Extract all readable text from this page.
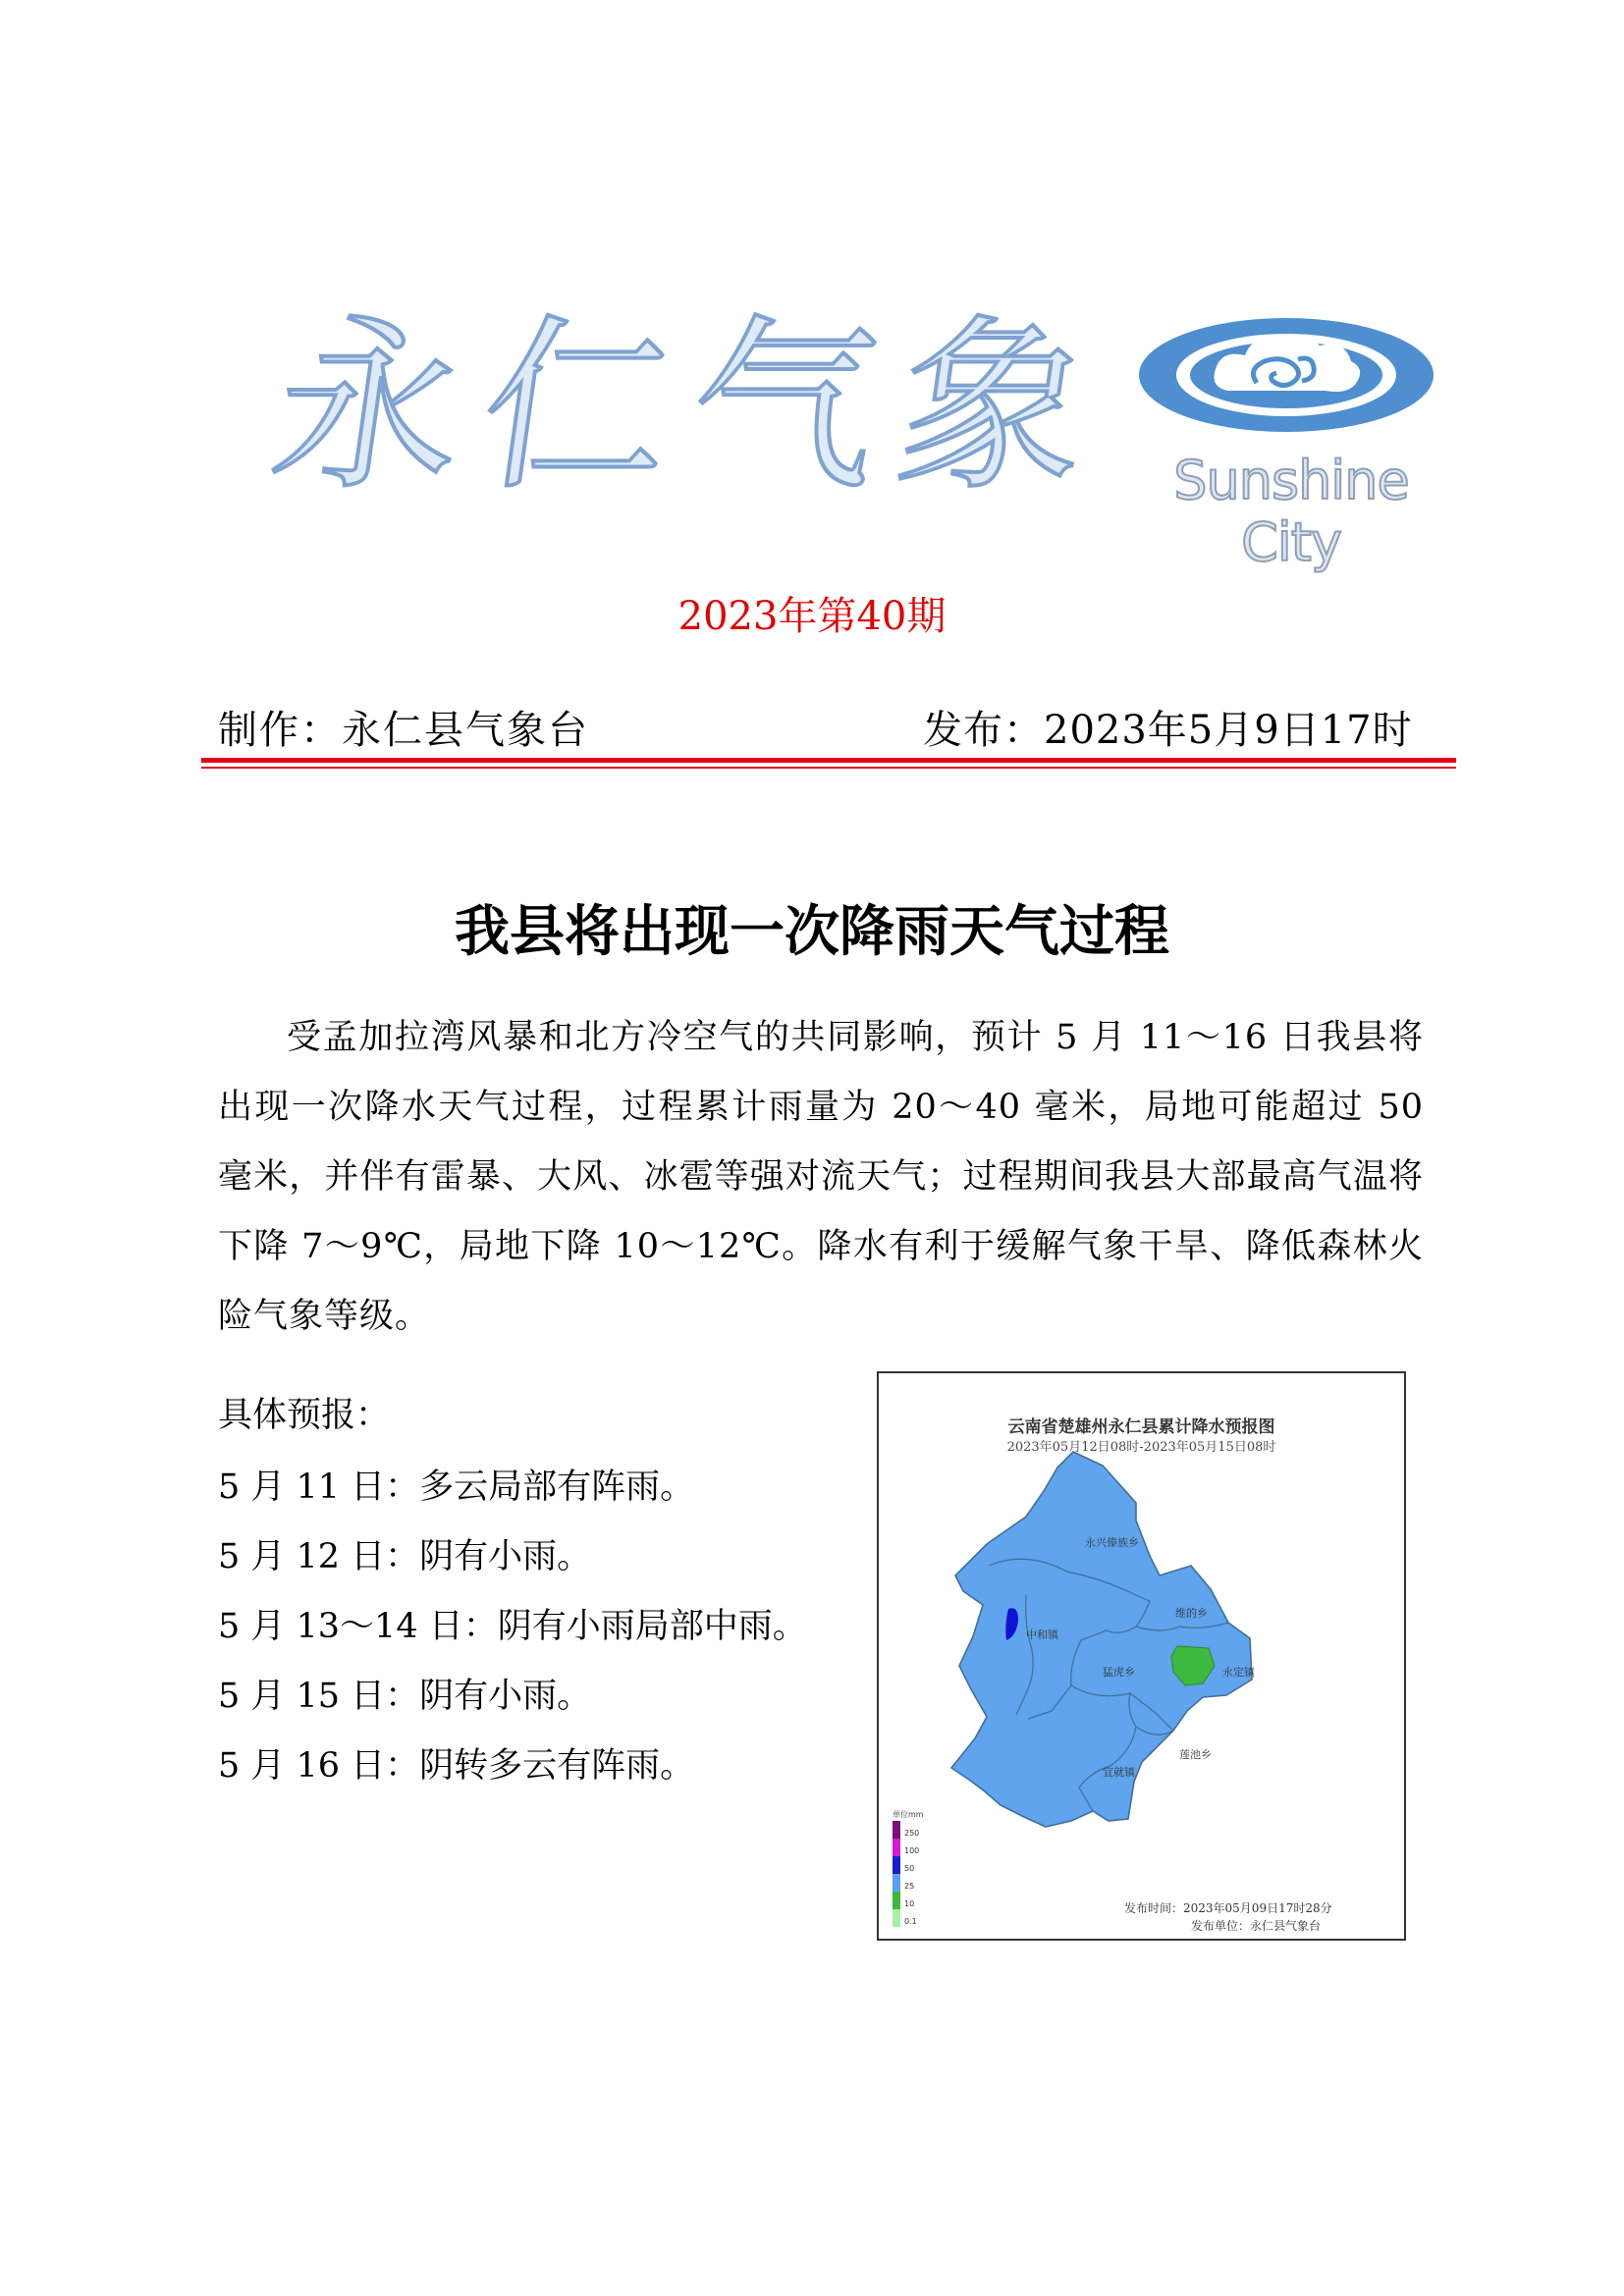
永仁气象	Sunshine City
2023年第40期
制作：永仁县气象台	发布：2023年5月9日17时
我县将出现一次降雨天气过程
受孟加拉湾风暴和北方冷空气的共同影响，预计 5 月 11～16 日我县将出现一次降水天气过程，过程累计雨量为 20～40 毫米，局地可能超过 50 毫米，并伴有雷暴、大风、冰雹等强对流天气；过程期间我县大部最高气温将下降 7～9℃，局地下降 10～12℃。降水有利于缓解气象干旱、降低森林火险气象等级。
具体预报：
5 月 11 日：多云局部有阵雨。
5 月 12 日：阴有小雨。
5 月 13～14 日：阴有小雨局部中雨。
5 月 15 日：阴有小雨。
5 月 16 日：阴转多云有阵雨。
永兴傣族乡
中和镇
维的乡
猛虎乡	永定镇
宜就镇
莲池乡
云南省楚雄州永仁县累计降水预报图
2023年05月12日08时-2023年05月15日08时
单位mm
250
100
50
25
10
0.1
发布时间：2023年05月09日17时28分
发布单位：永仁县气象台
